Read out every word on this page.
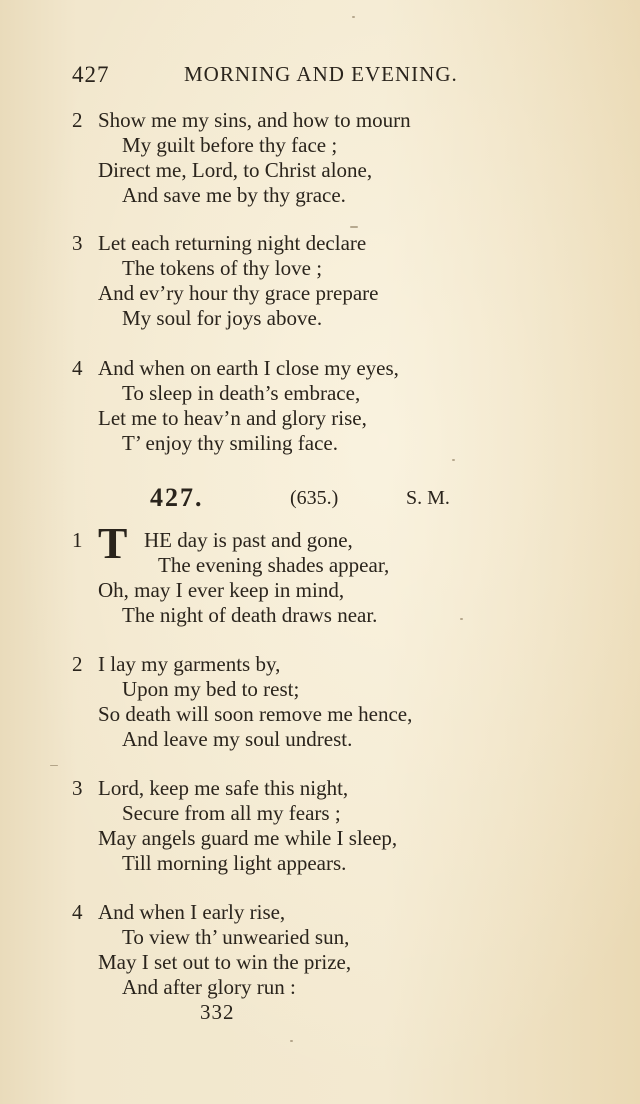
427	MORNING AND EVENING.
2 Show me my sins, and how to mourn
My guilt before thy face ;
Direct me, Lord, to Christ alone,
And save me by thy grace.
3 Let each returning night declare
The tokens of thy love ;
And ev’ry hour thy grace prepare
My soul for joys above.
4 And when on earth I close my eyes,
To sleep in death’s embrace,
Let me to heav’n and glory rise,
T’ enjoy thy smiling face.
427.	(635.)	S. M.
1 T HE day is past and gone,
The evening shades appear,
Oh, may I ever keep in mind,
The night of death draws near.
2 I lay my garments by,
Upon my bed to rest;
So death will soon remove me hence,
And leave my soul undrest.
3 Lord, keep me safe this night,
Secure from all my fears ;
May angels guard me while I sleep,
Till morning light appears.
4 And when I early rise,
To view th’ unwearied sun,
May I set out to win the prize,
And after glory run :
332
